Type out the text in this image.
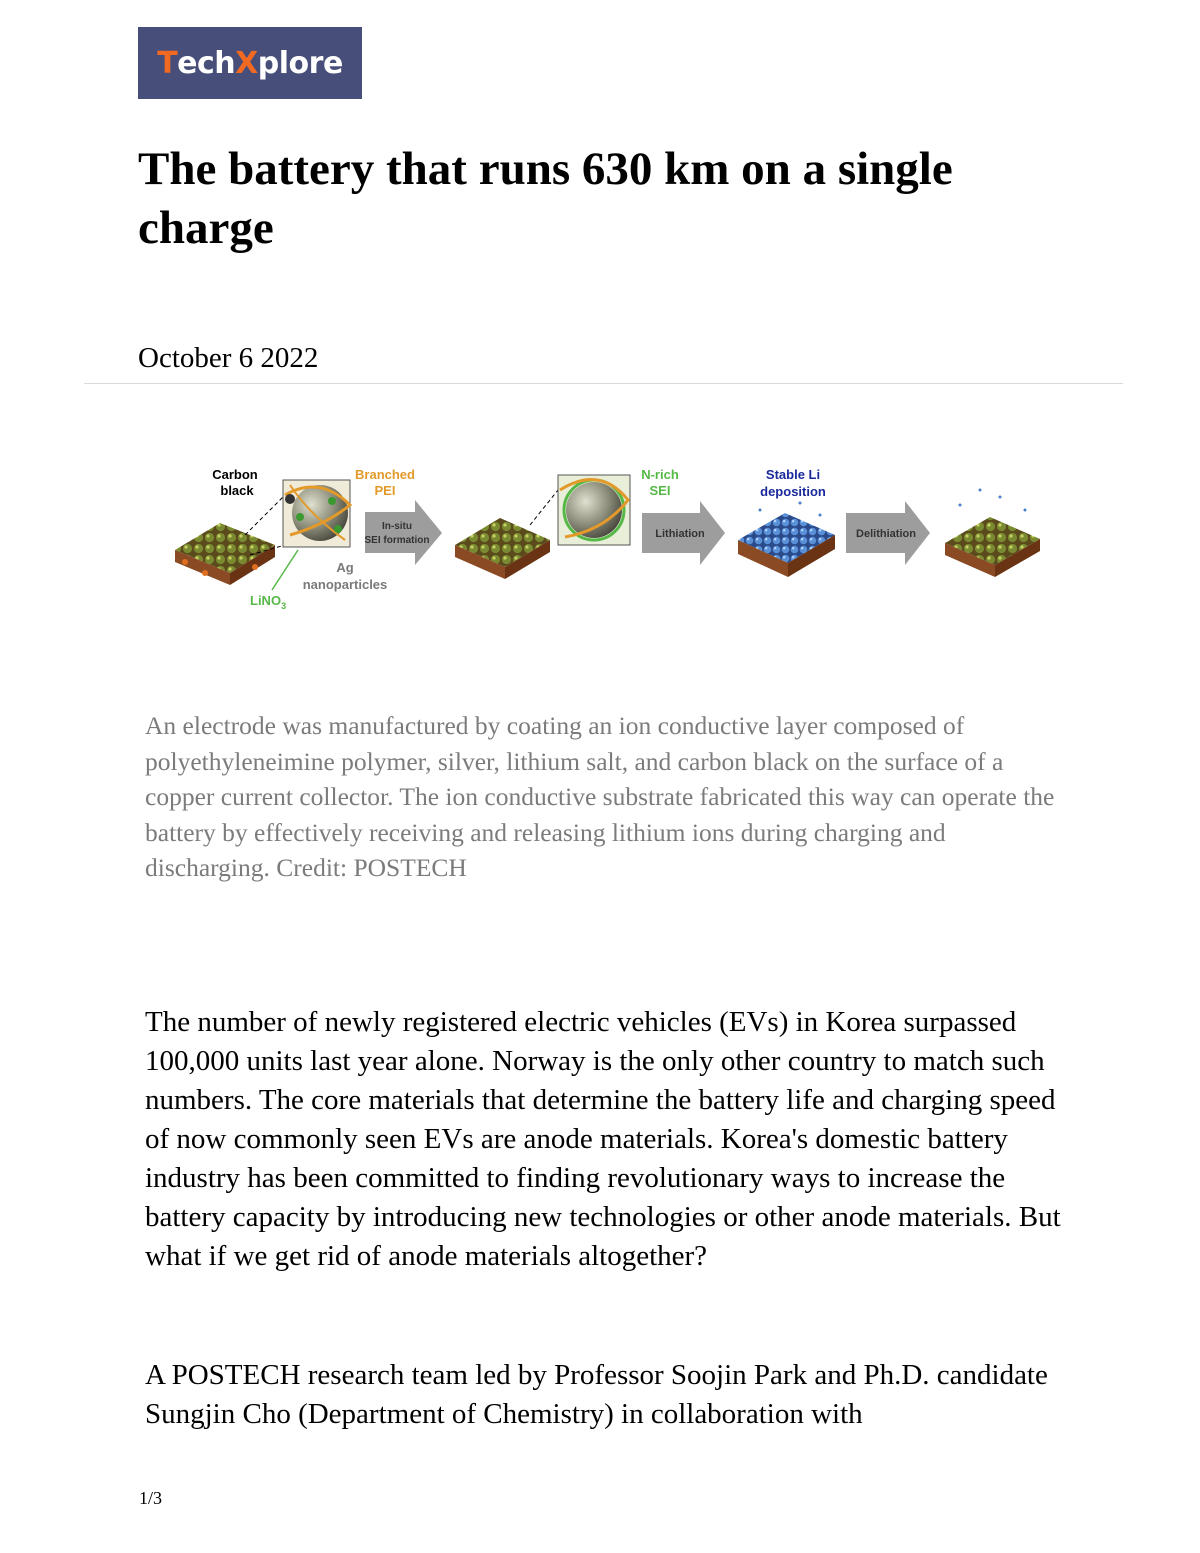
T ech X plore
The battery that runs 630 km on a single charge
October 6 2022
Carbon
black
Branched
PEI
Ag
nanoparticles
LiNO$_3$
In-situ
SEI formation
N-rich
SEI
Lithiation
Stable Li
deposition
Delithiation

An electrode was manufactured by coating an ion conductive layer composed of polyethyleneimine polymer, silver, lithium salt, and carbon black on the surface of a copper current collector. The ion conductive substrate fabricated this way can operate the battery by effectively receiving and releasing lithium ions during charging and discharging. Credit: POSTECH

The number of newly registered electric vehicles (EVs) in Korea surpassed 100,000 units last year alone. Norway is the only other country to match such numbers. The core materials that determine the battery life and charging speed of now commonly seen EVs are anode materials. Korea's domestic battery industry has been committed to finding revolutionary ways to increase the battery capacity by introducing new technologies or other anode materials. But what if we get rid of anode materials altogether?

A POSTECH research team led by Professor Soojin Park and Ph.D. candidate Sungjin Cho (Department of Chemistry) in collaboration with

1/3
